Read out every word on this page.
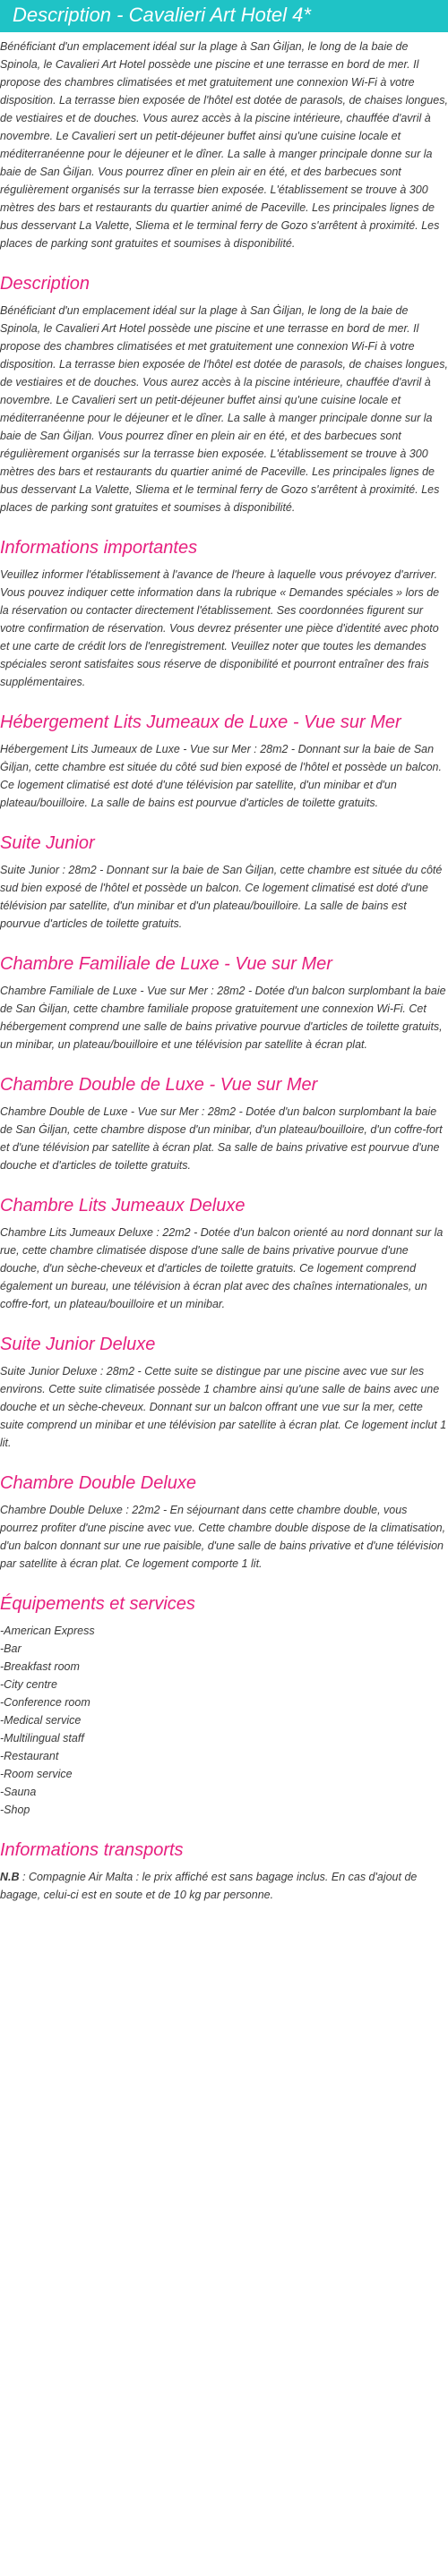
Description - Cavalieri Art Hotel 4*
Bénéficiant d'un emplacement idéal sur la plage à San Ġiljan, le long de la baie de Spinola, le Cavalieri Art Hotel possède une piscine et une terrasse en bord de mer. Il propose des chambres climatisées et met gratuitement une connexion Wi-Fi à votre disposition. La terrasse bien exposée de l'hôtel est dotée de parasols, de chaises longues, de vestiaires et de douches. Vous aurez accès à la piscine intérieure, chauffée d'avril à novembre. Le Cavalieri sert un petit-déjeuner buffet ainsi qu'une cuisine locale et méditerranéenne pour le déjeuner et le dîner. La salle à manger principale donne sur la baie de San Ġiljan. Vous pourrez dîner en plein air en été, et des barbecues sont régulièrement organisés sur la terrasse bien exposée. L'établissement se trouve à 300 mètres des bars et restaurants du quartier animé de Paceville. Les principales lignes de bus desservant La Valette, Sliema et le terminal ferry de Gozo s'arrêtent à proximité. Les places de parking sont gratuites et soumises à disponibilité.
Description
Bénéficiant d'un emplacement idéal sur la plage à San Ġiljan, le long de la baie de Spinola, le Cavalieri Art Hotel possède une piscine et une terrasse en bord de mer. Il propose des chambres climatisées et met gratuitement une connexion Wi-Fi à votre disposition. La terrasse bien exposée de l'hôtel est dotée de parasols, de chaises longues, de vestiaires et de douches. Vous aurez accès à la piscine intérieure, chauffée d'avril à novembre. Le Cavalieri sert un petit-déjeuner buffet ainsi qu'une cuisine locale et méditerranéenne pour le déjeuner et le dîner. La salle à manger principale donne sur la baie de San Ġiljan. Vous pourrez dîner en plein air en été, et des barbecues sont régulièrement organisés sur la terrasse bien exposée. L'établissement se trouve à 300 mètres des bars et restaurants du quartier animé de Paceville. Les principales lignes de bus desservant La Valette, Sliema et le terminal ferry de Gozo s'arrêtent à proximité. Les places de parking sont gratuites et soumises à disponibilité.
Informations importantes
Veuillez informer l'établissement à l'avance de l'heure à laquelle vous prévoyez d'arriver. Vous pouvez indiquer cette information dans la rubrique « Demandes spéciales » lors de la réservation ou contacter directement l'établissement. Ses coordonnées figurent sur votre confirmation de réservation. Vous devrez présenter une pièce d'identité avec photo et une carte de crédit lors de l'enregistrement. Veuillez noter que toutes les demandes spéciales seront satisfaites sous réserve de disponibilité et pourront entraîner des frais supplémentaires.
Hébergement Lits Jumeaux de Luxe - Vue sur Mer
Hébergement Lits Jumeaux de Luxe - Vue sur Mer : 28m2 - Donnant sur la baie de San Ġiljan, cette chambre est située du côté sud bien exposé de l'hôtel et possède un balcon. Ce logement climatisé est doté d'une télévision par satellite, d'un minibar et d'un plateau/bouilloire. La salle de bains est pourvue d'articles de toilette gratuits.
Suite Junior
Suite Junior : 28m2 - Donnant sur la baie de San Ġiljan, cette chambre est située du côté sud bien exposé de l'hôtel et possède un balcon. Ce logement climatisé est doté d'une télévision par satellite, d'un minibar et d'un plateau/bouilloire. La salle de bains est pourvue d'articles de toilette gratuits.
Chambre Familiale de Luxe - Vue sur Mer
Chambre Familiale de Luxe - Vue sur Mer : 28m2 - Dotée d'un balcon surplombant la baie de San Ġiljan, cette chambre familiale propose gratuitement une connexion Wi-Fi. Cet hébergement comprend une salle de bains privative pourvue d'articles de toilette gratuits, un minibar, un plateau/bouilloire et une télévision par satellite à écran plat.
Chambre Double de Luxe - Vue sur Mer
Chambre Double de Luxe - Vue sur Mer : 28m2 - Dotée d'un balcon surplombant la baie de San Ġiljan, cette chambre dispose d'un minibar, d'un plateau/bouilloire, d'un coffre-fort et d'une télévision par satellite à écran plat. Sa salle de bains privative est pourvue d'une douche et d'articles de toilette gratuits.
Chambre Lits Jumeaux Deluxe
Chambre Lits Jumeaux Deluxe : 22m2 - Dotée d'un balcon orienté au nord donnant sur la rue, cette chambre climatisée dispose d'une salle de bains privative pourvue d'une douche, d'un sèche-cheveux et d'articles de toilette gratuits. Ce logement comprend également un bureau, une télévision à écran plat avec des chaînes internationales, un coffre-fort, un plateau/bouilloire et un minibar.
Suite Junior Deluxe
Suite Junior Deluxe : 28m2 - Cette suite se distingue par une piscine avec vue sur les environs. Cette suite climatisée possède 1 chambre ainsi qu'une salle de bains avec une douche et un sèche-cheveux. Donnant sur un balcon offrant une vue sur la mer, cette suite comprend un minibar et une télévision par satellite à écran plat. Ce logement inclut 1 lit.
Chambre Double Deluxe
Chambre Double Deluxe : 22m2 - En séjournant dans cette chambre double, vous pourrez profiter d'une piscine avec vue. Cette chambre double dispose de la climatisation, d'un balcon donnant sur une rue paisible, d'une salle de bains privative et d'une télévision par satellite à écran plat. Ce logement comporte 1 lit.
Équipements et services
-American Express
-Bar
-Breakfast room
-City centre
-Conference room
-Medical service
-Multilingual staff
-Restaurant
-Room service
-Sauna
-Shop
Informations transports
N.B : Compagnie Air Malta : le prix affiché est sans bagage inclus. En cas d'ajout de bagage, celui-ci est en soute et de 10 kg par personne.
